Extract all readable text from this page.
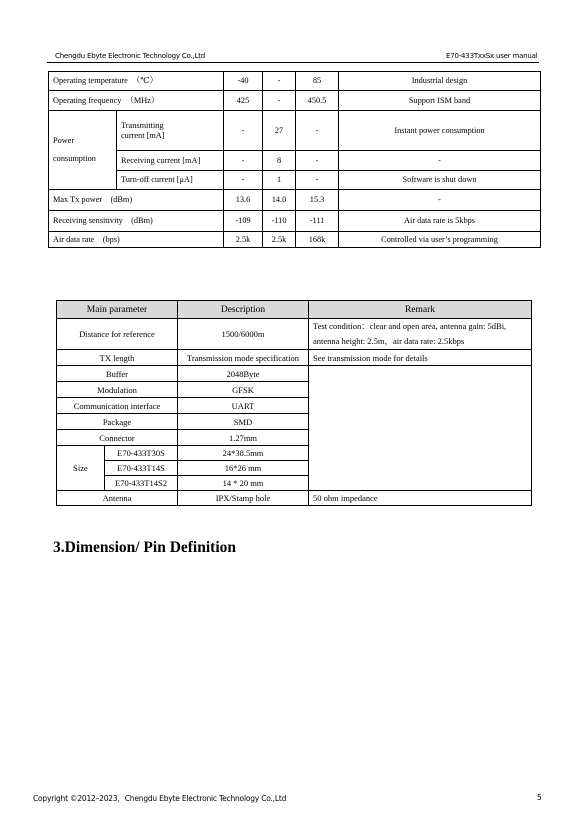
Chengdu Ebyte Electronic Technology Co.,Ltd	E70-433TxxSx user manual
Operating temperature　（℃）		-40	-	85	Industrial design
Operating frequency　（MHz）		425	-	450.5	Support ISM band

Power
consumption	Transmitting current [mA]	-	27	-	Instant power consumption
	Receiving current [mA]	-	8	-	-
	Turn-off current [μA]	-	1	-	Software is shut down
Max Tx power　(dBm)		13.6	14.0	15.3	-
Receiving sensitivity　(dBm)		-109	-110	-111	Air data rate is 5kbps
Air data rate　(bps)		2.5k	2.5k	168k	Controlled via user’s programming
Main parameter		Description	Remark
Distance for reference		1500/6000m	Test condition：clear and open area, antenna gain: 5dBi,
antenna height: 2.5m，air data rate: 2.5kbps

TX length		Transmission mode specification	See transmission mode for details
Buffer		2048Byte	
Modulation		GFSK	
Communication interface		UART	
Package		SMD	
Connector		1.27mm	
Size	E70-433T30S	24*38.5mm	
	E70-433T14S	16*26 mm	
	E70-433T14S2	14 * 20 mm	
Antenna		IPX/Stamp hole	50 ohm impedance
3.Dimension/ Pin Definition
Copyright ©2012–2023，Chengdu Ebyte Electronic Technology Co.,Ltd	5
